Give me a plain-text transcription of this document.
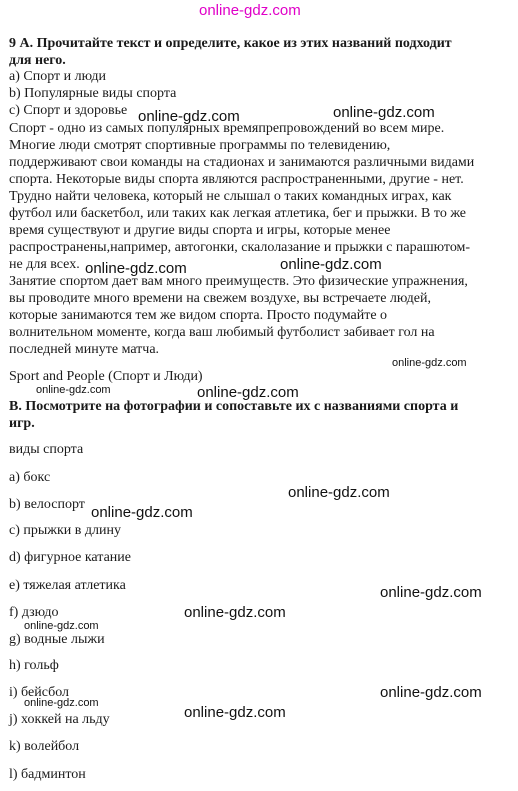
online-gdz.com
9 А. Прочитайте текст и определите, какое из этих названий подходит
для него.
a) Спорт и люди
b) Популярные виды спорта
c) Спорт и здоровье
Спорт - одно из самых популярных времяпрепровождений во всем мире.
Многие люди смотрят спортивные программы по телевидению,
поддерживают свои команды на стадионах и занимаются различными видами
спорта. Некоторые виды спорта являются распространенными, другие - нет.
Трудно найти человека, который не слышал о таких командных играх, как
футбол или баскетбол, или таких как легкая атлетика, бег и прыжки. В то же
время существуют и другие виды спорта и игры, которые менее
распространены,например, автогонки, скалолазание и прыжки с парашютом-
не для всех.
Занятие спортом дает вам много преимуществ. Это физические упражнения,
вы проводите много времени на свежем воздухе, вы встречаете людей,
которые занимаются тем же видом спорта. Просто подумайте о
волнительном моменте, когда ваш любимый футболист забивает гол на
последней минуте матча.
Sport and People (Спорт и Люди)
B. Посмотрите на фотографии и сопоставьте их с названиями спорта и
игр.
виды спорта
a) бокс
b) велоспорт
c) прыжки в длину
d) фигурное катание
e) тяжелая атлетика
f) дзюдо
g) водные лыжи
h) гольф
i) бейсбол
j) хоккей на льду
k) волейбол
l) бадминтон
online-gdz.com	online-gdz.com
online-gdz.com	online-gdz.com
online-gdz.com
online-gdz.com	online-gdz.com
online-gdz.com
online-gdz.com
online-gdz.com
online-gdz.com
online-gdz.com
online-gdz.com
online-gdz.com
online-gdz.com
